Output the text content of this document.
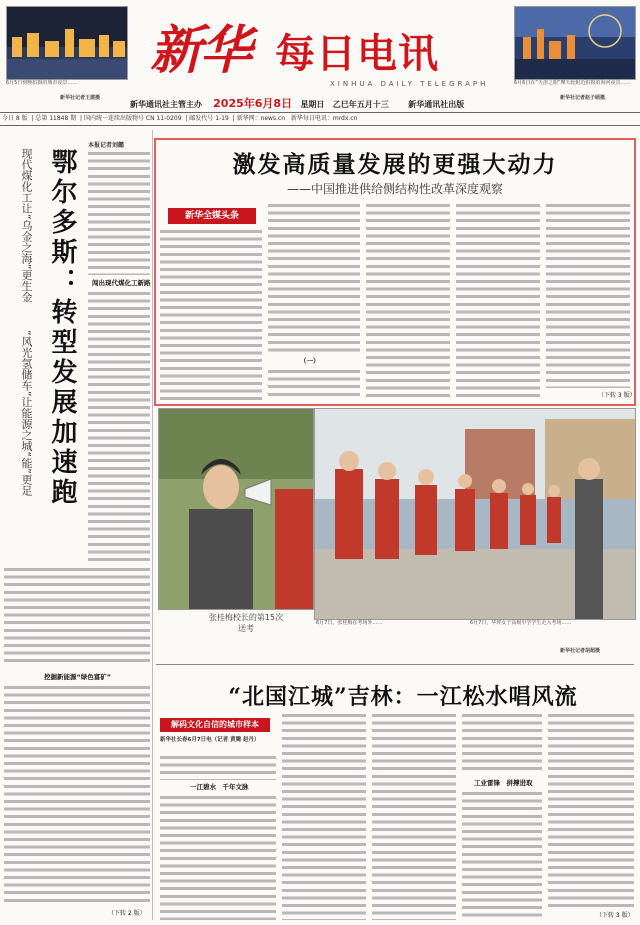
6月5日傍晚拍摄的城市夜景……
新华社记者王建摄
6月6日在“天津之眼”摩天轮附近拍摄的海河夜景……
新华社记者赵子硕摄
新华 每日电讯
XINHUA DAILY TELEGRAPH
新华通讯社主管主办 2025年6月8日 星期日 乙巳年五月十三 新华通讯社出版
今日 8 版  | 总第 11848 期  | 国内统一连续出版物号 CN 11-0209  | 邮发代号 1-19  | 新华网：news.cn 新华每日电讯：mrdx.cn
鄂尔多斯：转型发展加速跑
现代煤化工让“乌金之海”更生金
“风光氢储车”让能源之城“能”更足
本报记者刘懿
闯出现代煤化工新路
挖掘新能源“绿色富矿”
（下转 2 版）
激发高质量发展的更强大动力
——中国推进供给侧结构性改革深度观察
新华全媒头条
（一）
（下转 3 版）
张桂梅校长的第15次送考
6月7日，张桂梅在考场外……	6月7日，华坪女子高级中学学生走入考场……
新华社记者胡超摄
“北国江城”吉林：一江松水唱风流
解码文化自信的城市样本
新华社长春6月7日电（记者 黄腾 赵丹）
一江碧水　千年文脉	工业雷锋　拼搏进取
（下转 3 版）
